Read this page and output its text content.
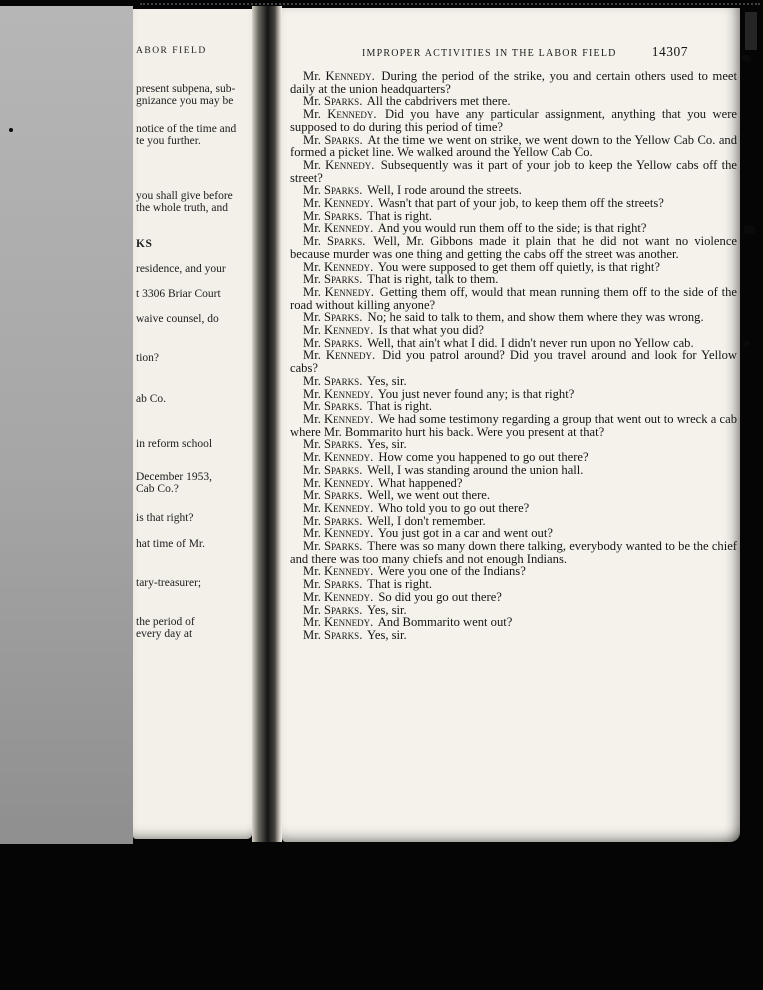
ABOR FIELD
present subpena, sub-
gnizance you may be
notice of the time and
te you further.
you shall give before
the whole truth, and
KS
residence, and your
t 3306 Briar Court
waive counsel, do
tion?
ab Co.
in reform school
December 1953,
Cab Co.?
is that right?
hat time of Mr.
tary-treasurer;
the period of
every day at
IMPROPER ACTIVITIES IN THE LABOR FIELD	14307

Mr. Kennedy. During the period of the strike, you and certain others used to meet daily at the union headquarters?

Mr. Sparks. All the cabdrivers met there.

Mr. Kennedy. Did you have any particular assignment, anything that you were supposed to do during this period of time?

Mr. Sparks. At the time we went on strike, we went down to the Yellow Cab Co. and formed a picket line. We walked around the Yellow Cab Co.

Mr. Kennedy. Subsequently was it part of your job to keep the Yellow cabs off the street?

Mr. Sparks. Well, I rode around the streets.

Mr. Kennedy. Wasn't that part of your job, to keep them off the streets?

Mr. Sparks. That is right.

Mr. Kennedy. And you would run them off to the side; is that right?

Mr. Sparks. Well, Mr. Gibbons made it plain that he did not want no violence because murder was one thing and getting the cabs off the street was another.

Mr. Kennedy. You were supposed to get them off quietly, is that right?

Mr. Sparks. That is right, talk to them.

Mr. Kennedy. Getting them off, would that mean running them off to the side of the road without killing anyone?

Mr. Sparks. No; he said to talk to them, and show them where they was wrong.

Mr. Kennedy. Is that what you did?

Mr. Sparks. Well, that ain't what I did. I didn't never run upon no Yellow cab.

Mr. Kennedy. Did you patrol around? Did you travel around and look for Yellow cabs?

Mr. Sparks. Yes, sir.

Mr. Kennedy. You just never found any; is that right?

Mr. Sparks. That is right.

Mr. Kennedy. We had some testimony regarding a group that went out to wreck a cab where Mr. Bommarito hurt his back. Were you present at that?

Mr. Sparks. Yes, sir.

Mr. Kennedy. How come you happened to go out there?

Mr. Sparks. Well, I was standing around the union hall.

Mr. Kennedy. What happened?

Mr. Sparks. Well, we went out there.

Mr. Kennedy. Who told you to go out there?

Mr. Sparks. Well, I don't remember.

Mr. Kennedy. You just got in a car and went out?

Mr. Sparks. There was so many down there talking, everybody wanted to be the chief and there was too many chiefs and not enough Indians.

Mr. Kennedy. Were you one of the Indians?

Mr. Sparks. That is right.

Mr. Kennedy. So did you go out there?

Mr. Sparks. Yes, sir.

Mr. Kennedy. And Bommarito went out?

Mr. Sparks. Yes, sir.
